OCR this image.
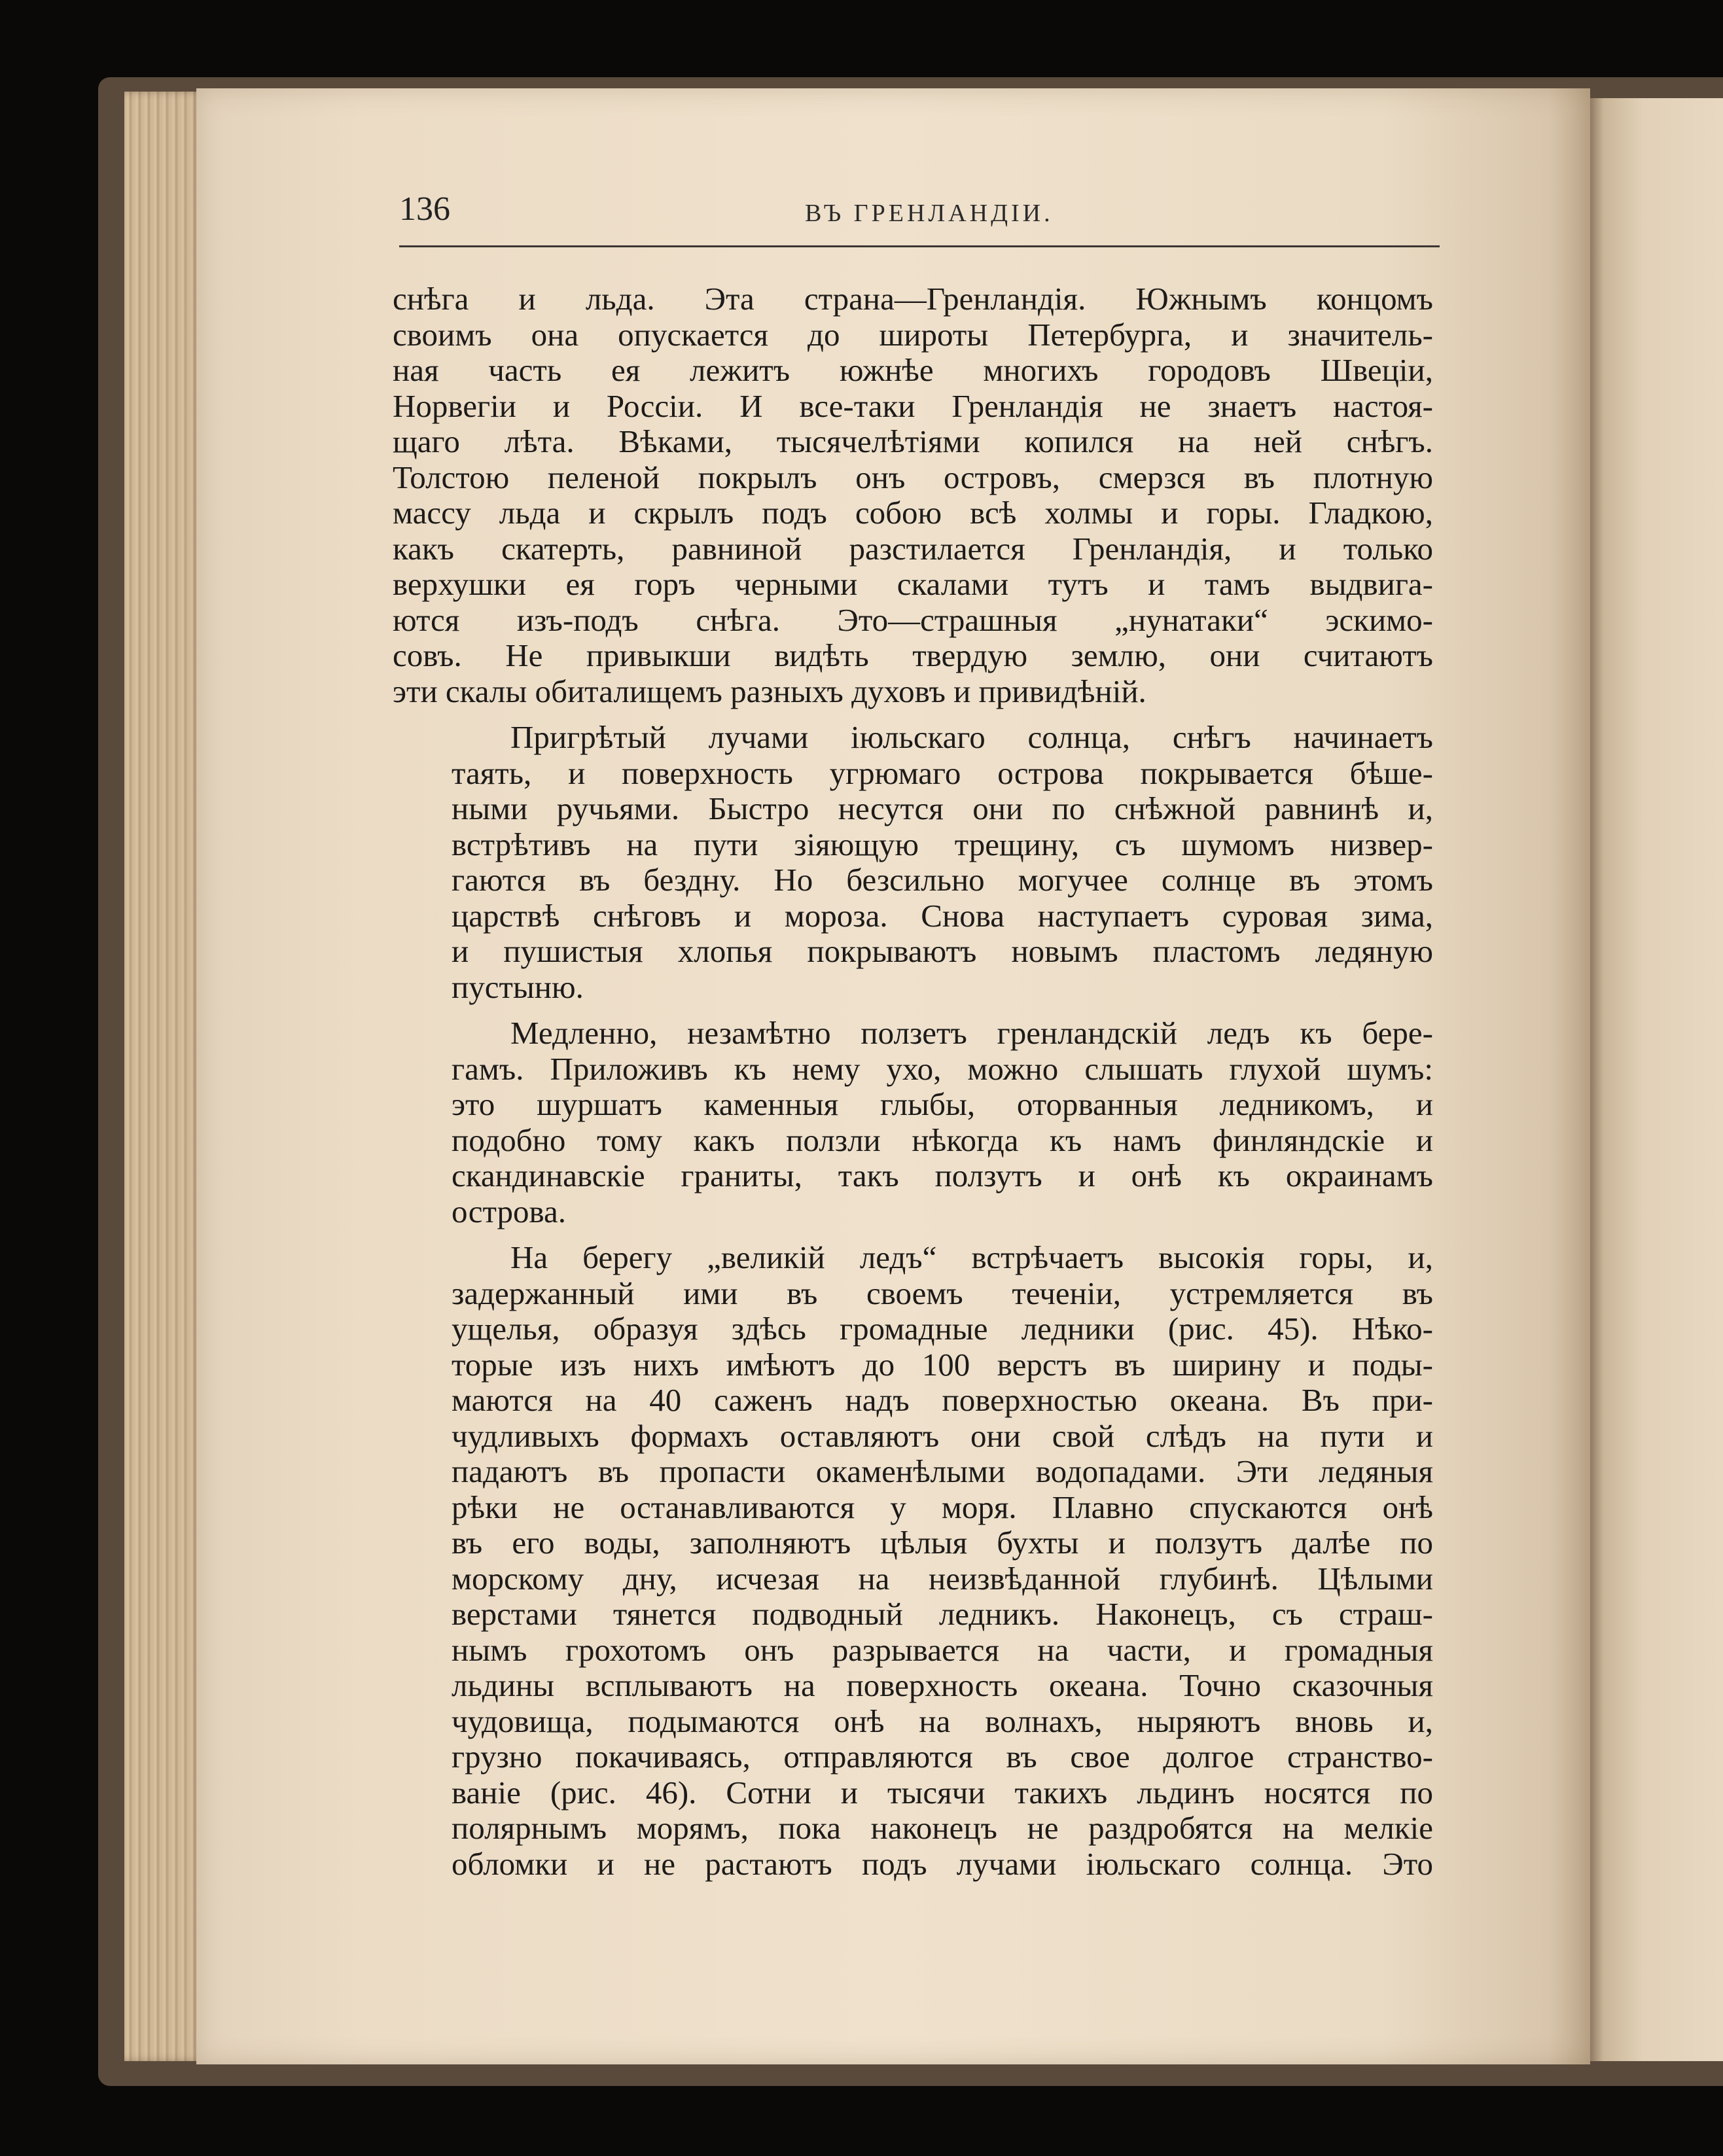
136	ВЪ ГРЕНЛАНДІИ.

снѣга и льда. Эта страна—Гренландія. Южнымъ концомъ
своимъ она опускается до широты Петербурга, и значитель-
ная часть ея лежитъ южнѣе многихъ городовъ Швеціи,
Норвегіи и Россіи. И все-таки Гренландія не знаетъ настоя-
щаго лѣта. Вѣками, тысячелѣтіями копился на ней снѣгъ.
Толстою пеленой покрылъ онъ островъ, смерзся въ плотную
массу льда и скрылъ подъ собою всѣ холмы и горы. Гладкою,
какъ скатерть, равниной разстилается Гренландія, и только
верхушки ея горъ черными скалами тутъ и тамъ выдвига-
ются изъ-подъ снѣга. Это—страшныя „нунатаки“ эскимо-
совъ. Не привыкши видѣть твердую землю, они считаютъ
эти скалы обиталищемъ разныхъ духовъ и привидѣній.

Пригрѣтый лучами іюльскаго солнца, снѣгъ начинаетъ
таять, и поверхность угрюмаго острова покрывается бѣше-
ными ручьями. Быстро несутся они по снѣжной равнинѣ и,
встрѣтивъ на пути зіяющую трещину, съ шумомъ низвер-
гаются въ бездну. Но безсильно могучее солнце въ этомъ
царствѣ снѣговъ и мороза. Снова наступаетъ суровая зима,
и пушистыя хлопья покрываютъ новымъ пластомъ ледяную
пустыню.

Медленно, незамѣтно ползетъ гренландскій ледъ къ бере-
гамъ. Приложивъ къ нему ухо, можно слышать глухой шумъ:
это шуршатъ каменныя глыбы, оторванныя ледникомъ, и
подобно тому какъ ползли нѣкогда къ намъ финляндскіе и
скандинавскіе граниты, такъ ползутъ и онѣ къ окраинамъ
острова.

На берегу „великій ледъ“ встрѣчаетъ высокія горы, и,
задержанный ими въ своемъ теченіи, устремляется въ
ущелья, образуя здѣсь громадные ледники (рис. 45). Нѣко-
торые изъ нихъ имѣютъ до 100 верстъ въ ширину и поды-
маются на 40 саженъ надъ поверхностью океана. Въ при-
чудливыхъ формахъ оставляютъ они свой слѣдъ на пути и
падаютъ въ пропасти окаменѣлыми водопадами. Эти ледяныя
рѣки не останавливаются у моря. Плавно спускаются онѣ
въ его воды, заполняютъ цѣлыя бухты и ползутъ далѣе по
морскому дну, исчезая на неизвѣданной глубинѣ. Цѣлыми
верстами тянется подводный ледникъ. Наконецъ, съ страш-
нымъ грохотомъ онъ разрывается на части, и громадныя
льдины всплываютъ на поверхность океана. Точно сказочныя
чудовища, подымаются онѣ на волнахъ, ныряютъ вновь и,
грузно покачиваясь, отправляются въ свое долгое странство-
ваніе (рис. 46). Сотни и тысячи такихъ льдинъ носятся по
полярнымъ морямъ, пока наконецъ не раздробятся на мелкіе
обломки и не растаютъ подъ лучами іюльскаго солнца. Это
